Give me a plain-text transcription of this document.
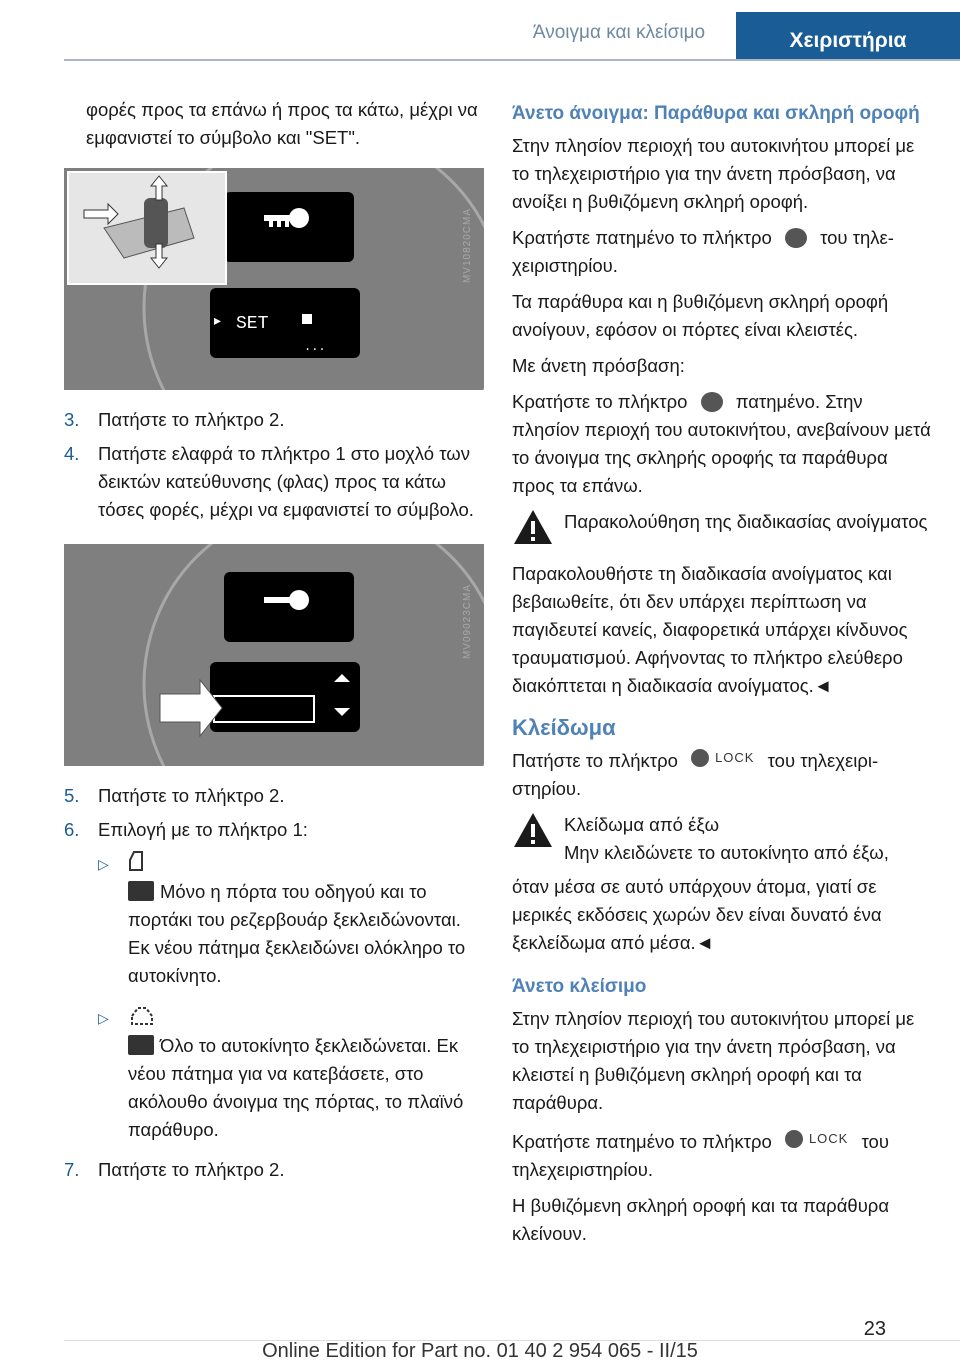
Άνοιγμα και κλείσιμο	Χειριστήρια

φορές προς τα επάνω ή προς τα κάτω, μέχρι να εμφανιστεί το σύμβολο και "SET".

▸ SET
...
MV10820CMA
3.	Πατήστε το πλήκτρο 2.
4.	Πατήστε ελαφρά το πλήκτρο 1 στο μοχλό των δεικτών κατεύθυνσης (φλας) προς τα κάτω τόσες φορές, μέχρι να εμφανιστεί το σύμβολο.
MV09023CMA
5.	Πατήστε το πλήκτρο 2.
6.	Επιλογή με το πλήκτρο 1:
▷
Μόνο η πόρτα του οδηγού και το πορτάκι του ρεζερβουάρ ξεκλειδώνονται. Εκ νέου πάτημα ξεκλειδώνει ολόκληρο το αυτοκίνητο.
▷
Όλο το αυτοκίνητο ξεκλειδώνεται. Εκ νέου πάτημα για να κατεβάσετε, στο ακόλουθο άνοιγμα της πόρτας, το πλαϊνό παράθυρο.
7.	Πατήστε το πλήκτρο 2.
Άνετο άνοιγμα: Παράθυρα και σκληρή οροφή

Στην πλησίον περιοχή του αυτοκινήτου μπορεί με το τηλεχειριστήριο για την άνετη πρόσβαση, να ανοίξει η βυθιζόμενη σκληρή οροφή.

Κρατήστε πατημένο το πλήκτρο	του τηλεχειριστηρίου.

Τα παράθυρα και η βυθιζόμενη σκληρή οροφή ανοίγουν, εφόσον οι πόρτες είναι κλειστές.

Με άνετη πρόσβαση:

Κρατήστε το πλήκτρο	πατημένο. Στην πλησίον περιοχή του αυτοκινήτου, ανεβαίνουν μετά το άνοιγμα της σκληρής οροφής τα παράθυρα προς τα επάνω.

Παρακολούθηση της διαδικασίας ανοίγματος

Παρακολουθήστε τη διαδικασία ανοίγματος και βεβαιωθείτε, ότι δεν υπάρχει περίπτωση να παγιδευτεί κανείς, διαφορετικά υπάρχει κίνδυνος τραυματισμού. Αφήνοντας το πλήκτρο ελεύθερο διακόπτεται η διαδικασία ανοίγματος.◄

Κλείδωμα

Πατήστε το πλήκτρο	LOCK του τηλεχειριστηρίου.

Κλείδωμα από έξω
Μην κλειδώνετε το αυτοκίνητο από έξω,

όταν μέσα σε αυτό υπάρχουν άτομα, γιατί σε μερικές εκδόσεις χωρών δεν είναι δυνατό ένα ξεκλείδωμα από μέσα.◄

Άνετο κλείσιμο

Στην πλησίον περιοχή του αυτοκινήτου μπορεί με το τηλεχειριστήριο για την άνετη πρόσβαση, να κλειστεί η βυθιζόμενη σκληρή οροφή και τα παράθυρα.

Κρατήστε πατημένο το πλήκτρο	LOCK του τηλεχειριστηρίου.

Η βυθιζόμενη σκληρή οροφή και τα παράθυρα κλείνουν.

23
Online Edition for Part no. 01 40 2 954 065 - II/15
